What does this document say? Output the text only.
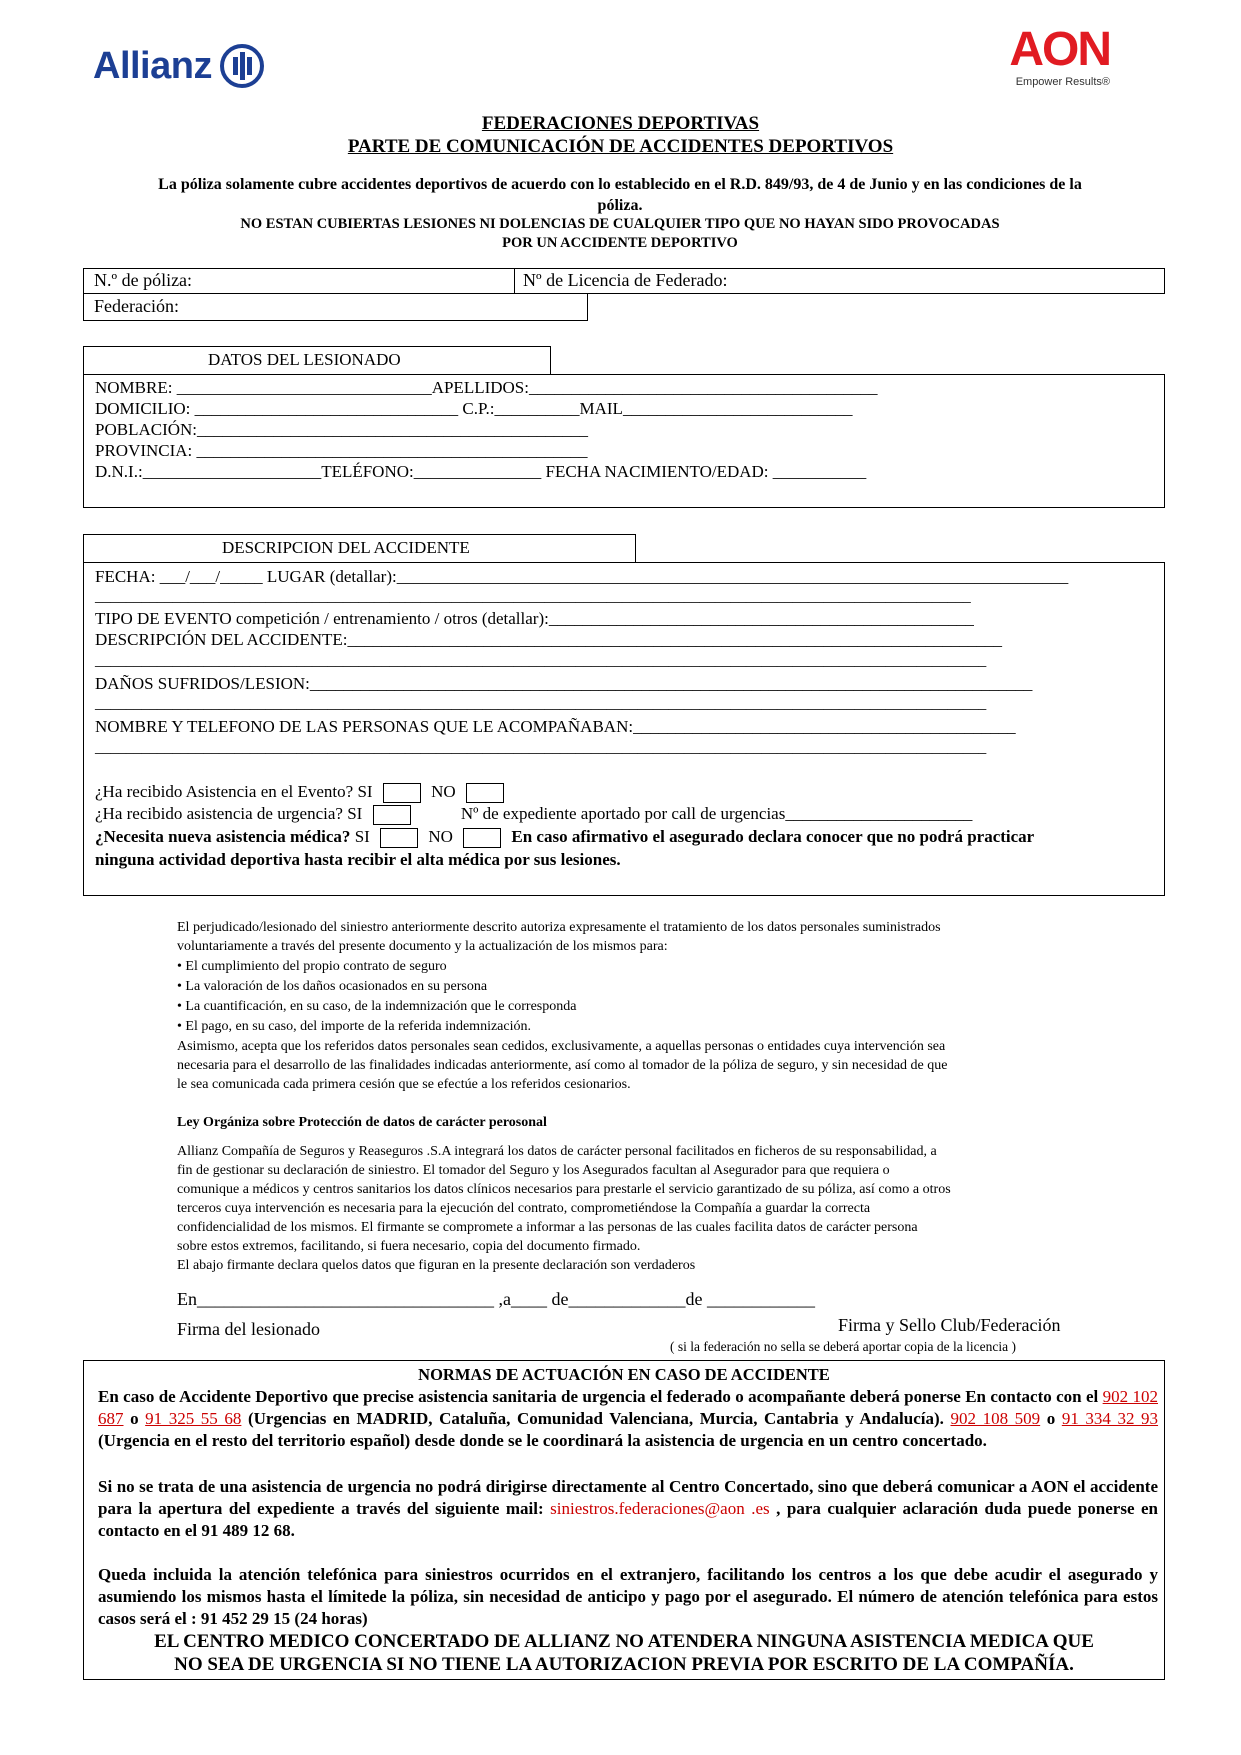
Allianz	AON
Empower Results®
FEDERACIONES DEPORTIVAS
PARTE DE COMUNICACIÓN DE ACCIDENTES DEPORTIVOS
La póliza solamente cubre accidentes deportivos de acuerdo con lo establecido en el R.D. 849/93, de 4 de Junio y en las condiciones de la póliza.
NO ESTAN CUBIERTAS LESIONES NI DOLENCIAS DE CUALQUIER TIPO QUE NO HAYAN SIDO PROVOCADAS
POR UN ACCIDENTE DEPORTIVO
N.º de póliza:	Nº de Licencia de Federado:
Federación:
DATOS DEL LESIONADO
NOMBRE: ______________________________APELLIDOS:_________________________________________
DOMICILIO: _______________________________ C.P.:__________MAIL___________________________
POBLACIÓN:______________________________________________
PROVINCIA: ______________________________________________
D.N.I.:_____________________TELÉFONO:_______________ FECHA NACIMIENTO/EDAD: ___________
DESCRIPCION DEL ACCIDENTE
FECHA: ___/___/_____ LUGAR (detallar):_______________________________________________________________________________
_________________________________________________________________________________________________________________
TIPO DE EVENTO competición / entrenamiento / otros (detallar):__________________________________________________
DESCRIPCIÓN DEL ACCIDENTE:_____________________________________________________________________________
___________________________________________________________________________________________________________________
DAÑOS SUFRIDOS/LESION:_____________________________________________________________________________________
___________________________________________________________________________________________________________________
NOMBRE Y TELEFONO DE LAS PERSONAS QUE LE ACOMPAÑABAN:_____________________________________________
___________________________________________________________________________________________________________________
¿Ha recibido Asistencia en el Evento? SI	NO
¿Ha recibido asistencia de urgencia? SI	Nº de expediente aportado por call de urgencias______________________
¿Necesita nueva asistencia médica? SI	NO	En caso afirmativo el asegurado declara conocer que no podrá practicar
ninguna actividad deportiva hasta recibir el alta médica por sus lesiones.
El perjudicado/lesionado del siniestro anteriormente descrito autoriza expresamente el tratamiento de los datos personales suministrados
voluntariamente a través del presente documento y la actualización de los mismos para:
• El cumplimiento del propio contrato de seguro
• La valoración de los daños ocasionados en su persona
• La cuantificación, en su caso, de la indemnización que le corresponda
• El pago, en su caso, del importe de la referida indemnización.
Asimismo, acepta que los referidos datos personales sean cedidos, exclusivamente, a aquellas personas o entidades cuya intervención sea
necesaria para el desarrollo de las finalidades indicadas anteriormente, así como al tomador de la póliza de seguro, y sin necesidad de que
le sea comunicada cada primera cesión que se efectúe a los referidos cesionarios.
Ley Orgániza sobre Protección de datos de carácter perosonal
Allianz Compañía de Seguros y Reaseguros .S.A integrará los datos de carácter personal facilitados en ficheros de su responsabilidad, a
fin de gestionar su declaración de siniestro. El tomador del Seguro y los Asegurados facultan al Asegurador para que requiera o
comunique a médicos y centros sanitarios los datos clínicos necesarios para prestarle el servicio garantizado de su póliza, así como a otros
terceros cuya intervención es necesaria para la ejecución del contrato, comprometiéndose la Compañía a guardar la correcta
confidencialidad de los mismos. El firmante se compromete a informar a las personas de las cuales facilita datos de carácter persona
sobre estos extremos, facilitando, si fuera necesario, copia del documento firmado.
El abajo firmante declara quelos datos que figuran en la presente declaración son verdaderos
En_________________________________ ,a____ de_____________de ____________
Firma del lesionado	Firma y Sello Club/Federación
( si la federación no sella se deberá aportar copia de la licencia )
NORMAS DE ACTUACIÓN EN CASO DE ACCIDENTE
En caso de Accidente Deportivo que precise asistencia sanitaria de urgencia el federado o acompañante deberá ponerse En contacto con el 902 102 687 o 91 325 55 68 (Urgencias en MADRID, Cataluña, Comunidad Valenciana, Murcia, Cantabria y Andalucía). 902 108 509 o 91 334 32 93 (Urgencia en el resto del territorio español) desde donde se le coordinará la asistencia de urgencia en un centro concertado.
Si no se trata de una asistencia de urgencia no podrá dirigirse directamente al Centro Concertado, sino que deberá comunicar a AON el accidente para la apertura del expediente a través del siguiente mail: siniestros.federaciones@aon .es , para cualquier aclaración duda puede ponerse en contacto en el 91 489 12 68.
Queda incluida la atención telefónica para siniestros ocurridos en el extranjero, facilitando los centros a los que debe acudir el asegurado y asumiendo los mismos hasta el límitede la póliza, sin necesidad de anticipo y pago por el asegurado. El número de atención telefónica para estos casos será el : 91 452 29 15 (24 horas)
EL CENTRO MEDICO CONCERTADO DE ALLIANZ NO ATENDERA NINGUNA ASISTENCIA MEDICA QUE
NO SEA DE URGENCIA SI NO TIENE LA AUTORIZACION PREVIA POR ESCRITO DE LA COMPAÑÍA.
